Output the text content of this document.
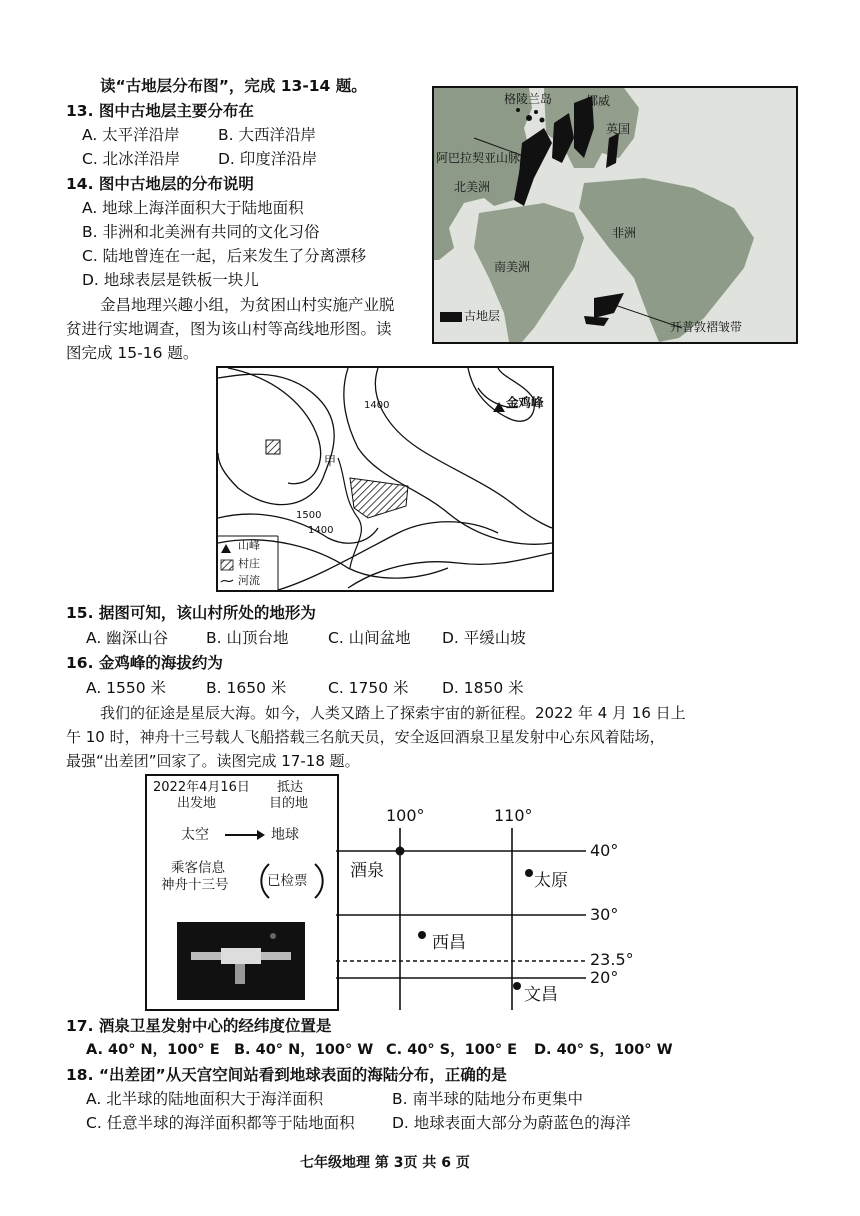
读“古地层分布图”，完成 13-14 题。
13. 图中古地层主要分布在
A. 太平洋沿岸 B. 大西洋沿岸
C. 北冰洋沿岸 D. 印度洋沿岸
14. 图中古地层的分布说明
A. 地球上海洋面积大于陆地面积
B. 非洲和北美洲有共同的文化习俗
C. 陆地曾连在一起，后来发生了分离漂移
D. 地球表层是铁板一块儿
金昌地理兴趣小组，为贫困山村实施产业脱
贫进行实地调查，图为该山村等高线地形图。读
图完成 15-16 题。
格陵兰岛	挪威
英国
阿巴拉契亚山脉
北美洲
非洲
南美洲
古地层
开普敦褶皱带
1400
1500
1400
金鸡峰
甲
山峰
村庄
河流
15. 据图可知，该山村所处的地形为
A. 幽深山谷 B. 山顶台地	C. 山间盆地 D. 平缓山坡
16. 金鸡峰的海拔约为
A. 1550 米	B. 1650 米	C. 1750 米 D. 1850 米
我们的征途是星辰大海。如今，人类又踏上了探索宇宙的新征程。2022 年 4 月 16 日上
午 10 时，神舟十三号载人飞船搭载三名航天员，安全返回酒泉卫星发射中心东风着陆场，
最强“出差团”回家了。读图完成 17-18 题。
2022年4月16日
出发地
抵达
目的地
太空	地球
乘客信息
神舟十三号	已检票
100°	110°
40°
30°
23.5°
20°
酒泉	太原
西昌
文昌
17. 酒泉卫星发射中心的经纬度位置是
A. 40° N，100° E B. 40° N，100° W C. 40° S，100° E D. 40° S，100° W
18. “出差团”从天宫空间站看到地球表面的海陆分布，正确的是
A. 北半球的陆地面积大于海洋面积	B. 南半球的陆地分布更集中
C. 任意半球的海洋面积都等于陆地面积 D. 地球表面大部分为蔚蓝色的海洋
七年级地理 第 3页 共 6 页
